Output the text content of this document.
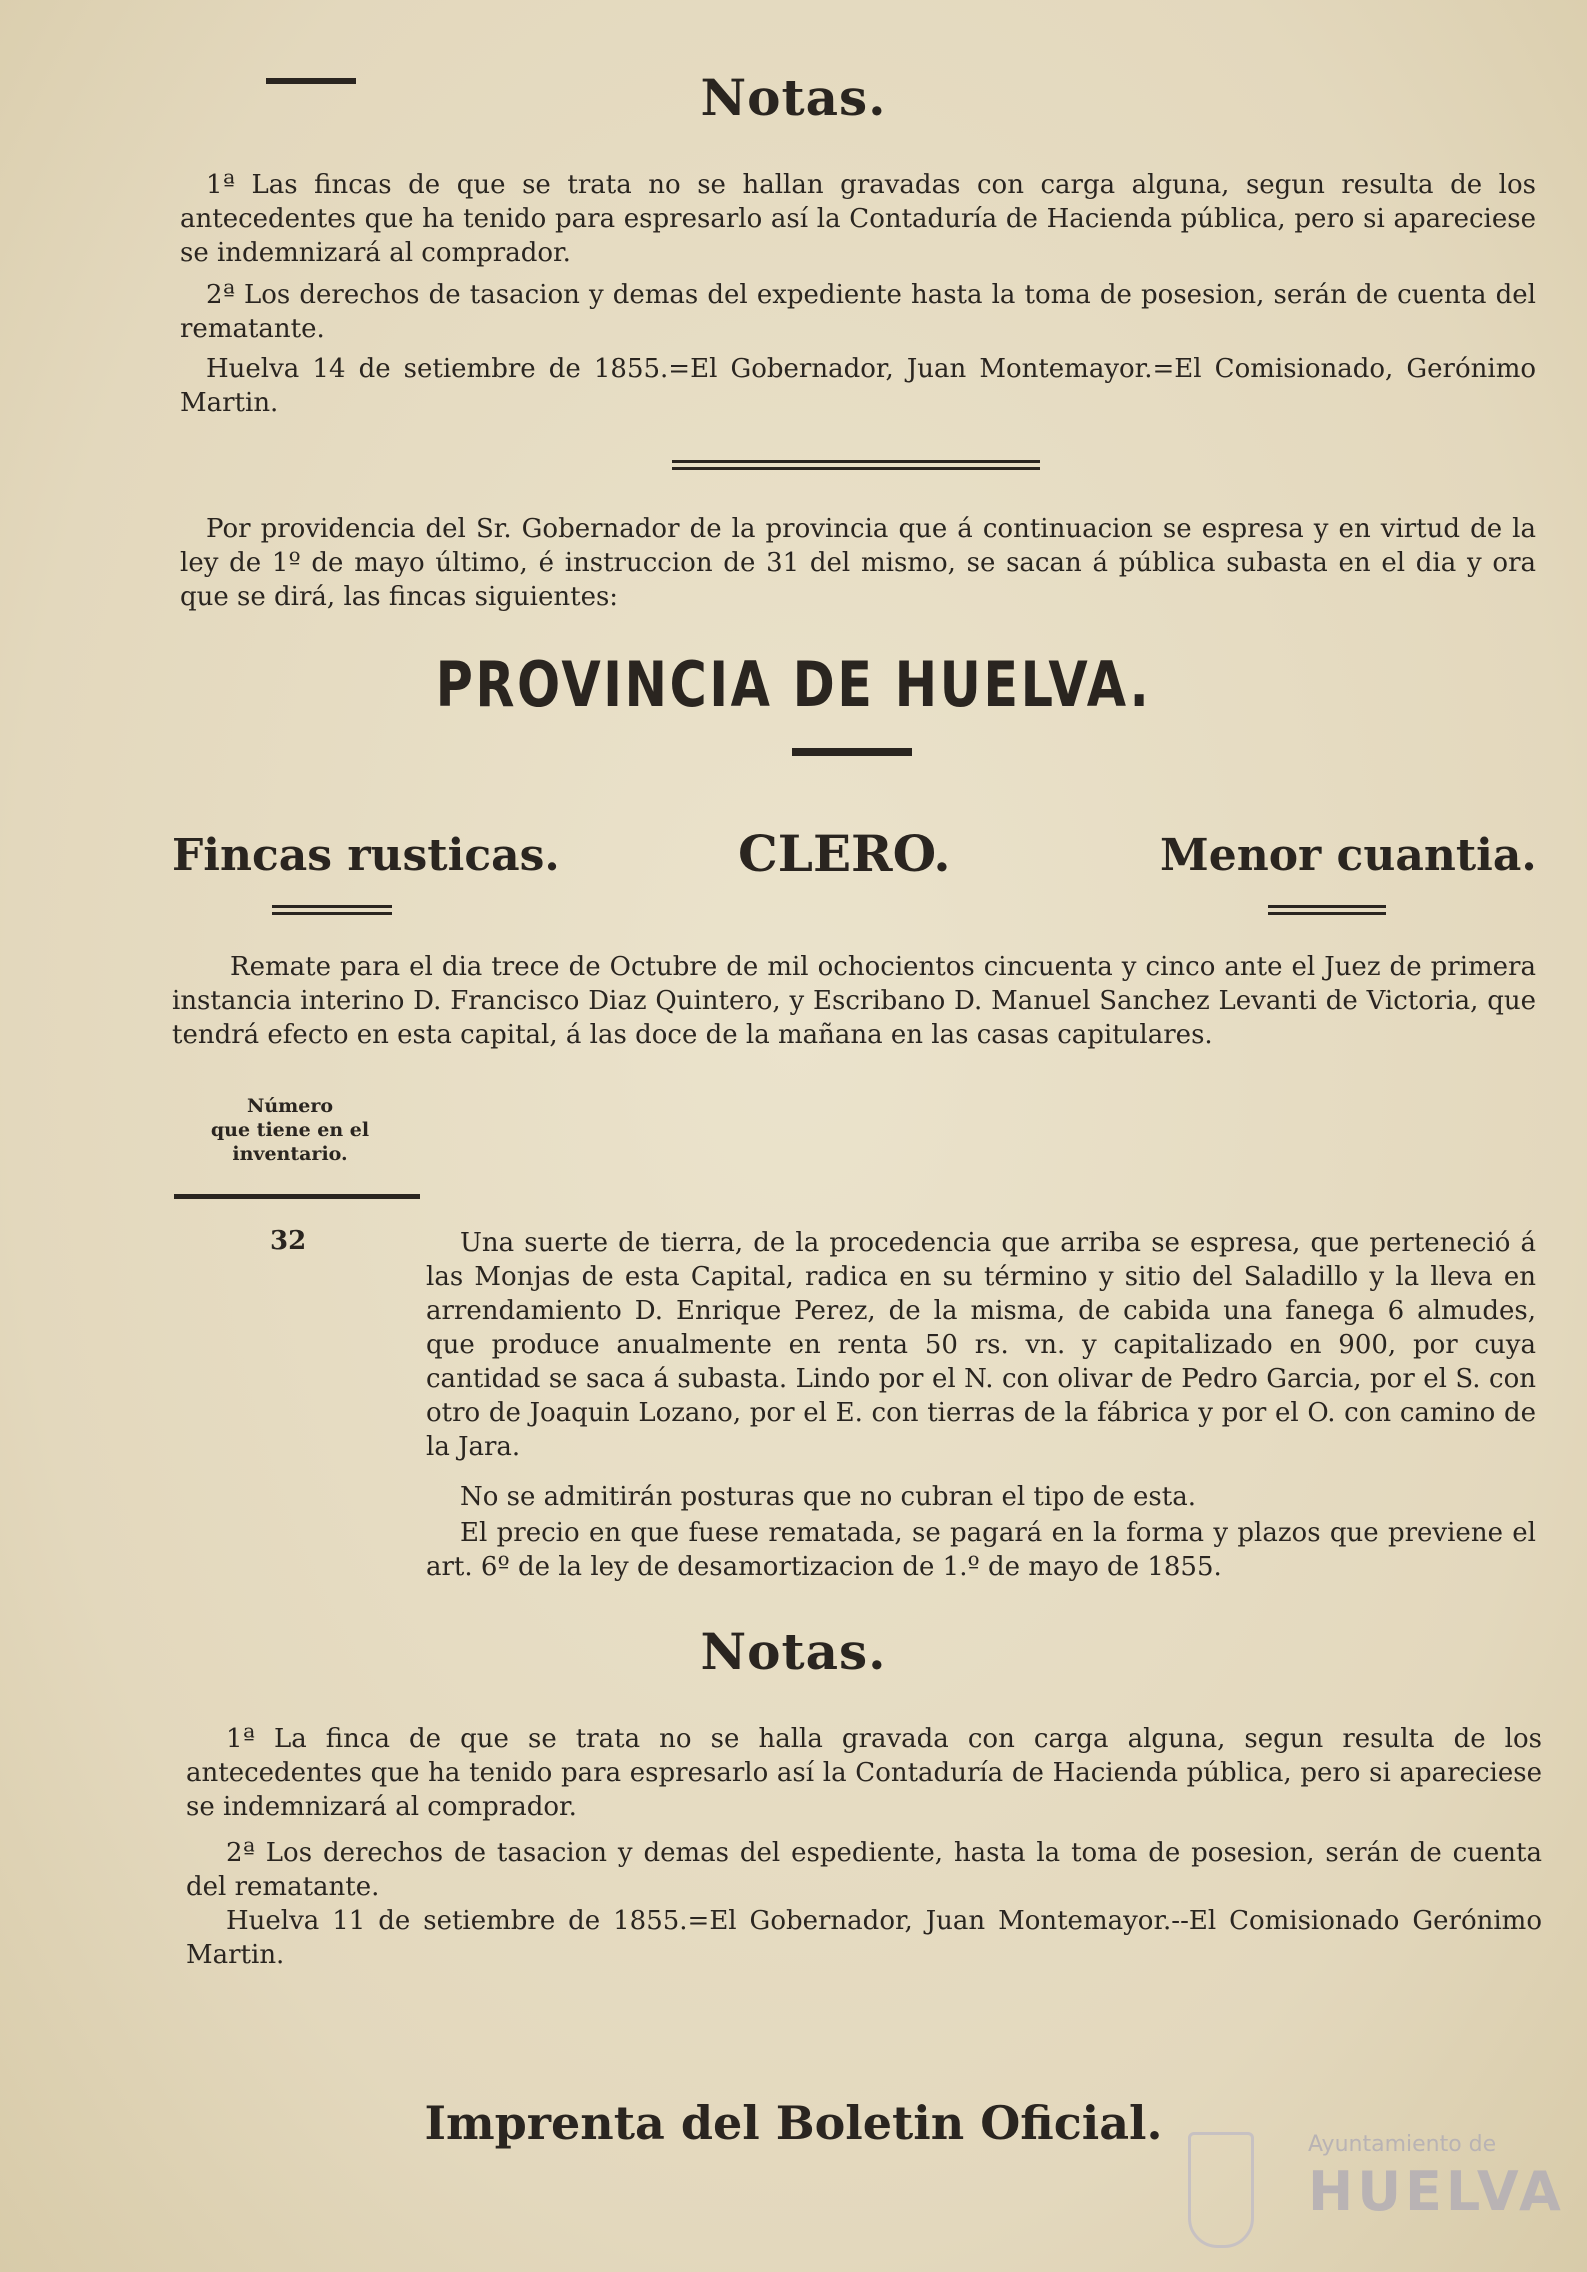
Notas.
1ª Las fincas de que se trata no se hallan gravadas con carga alguna, segun resulta de los antecedentes que ha tenido para espresarlo así la Contaduría de Hacienda pública, pero si apareciese se indemnizará al comprador.
2ª Los derechos de tasacion y demas del expediente hasta la toma de posesion, serán de cuenta del rematante.
Huelva 14 de setiembre de 1855.=El Gobernador, Juan Montemayor.=El Comisionado, Gerónimo Martin.
Por providencia del Sr. Gobernador de la provincia que á continuacion se espresa y en virtud de la ley de 1º de mayo último, é instruccion de 31 del mismo, se sacan á pública subasta en el dia y ora que se dirá, las fincas siguientes:
PROVINCIA DE HUELVA.
Fincas rusticas.	CLERO.	Menor cuantia.
Remate para el dia trece de Octubre de mil ochocientos cincuenta y cinco ante el Juez de primera instancia interino D. Francisco Diaz Quintero, y Escribano D. Manuel Sanchez Levanti de Victoria, que tendrá efecto en esta capital, á las doce de la mañana en las casas capitulares.
Número
que tiene en el
inventario.
32	Una suerte de tierra, de la procedencia que arriba se espresa, que perteneció á las Monjas de esta Capital, radica en su término y sitio del Saladillo y la lleva en arrendamiento D. Enrique Perez, de la misma, de cabida una fanega 6 almudes, que produce anualmente en renta 50 rs. vn. y capitalizado en 900, por cuya cantidad se saca á subasta. Lindo por el N. con olivar de Pedro Garcia, por el S. con otro de Joaquin Lozano, por el E. con tierras de la fábrica y por el O. con camino de la Jara.
No se admitirán posturas que no cubran el tipo de esta.
El precio en que fuese rematada, se pagará en la forma y plazos que previene el art. 6º de la ley de desamortizacion de 1.º de mayo de 1855.
Notas.
1ª La finca de que se trata no se halla gravada con carga alguna, segun resulta de los antecedentes que ha tenido para espresarlo así la Contaduría de Hacienda pública, pero si apareciese se indemnizará al comprador.
2ª Los derechos de tasacion y demas del espediente, hasta la toma de posesion, serán de cuenta del rematante.
Huelva 11 de setiembre de 1855.=El Gobernador, Juan Montemayor.--El Comisionado Gerónimo Martin.
Imprenta del Boletin Oficial.	Ayuntamiento de
HUELVA
